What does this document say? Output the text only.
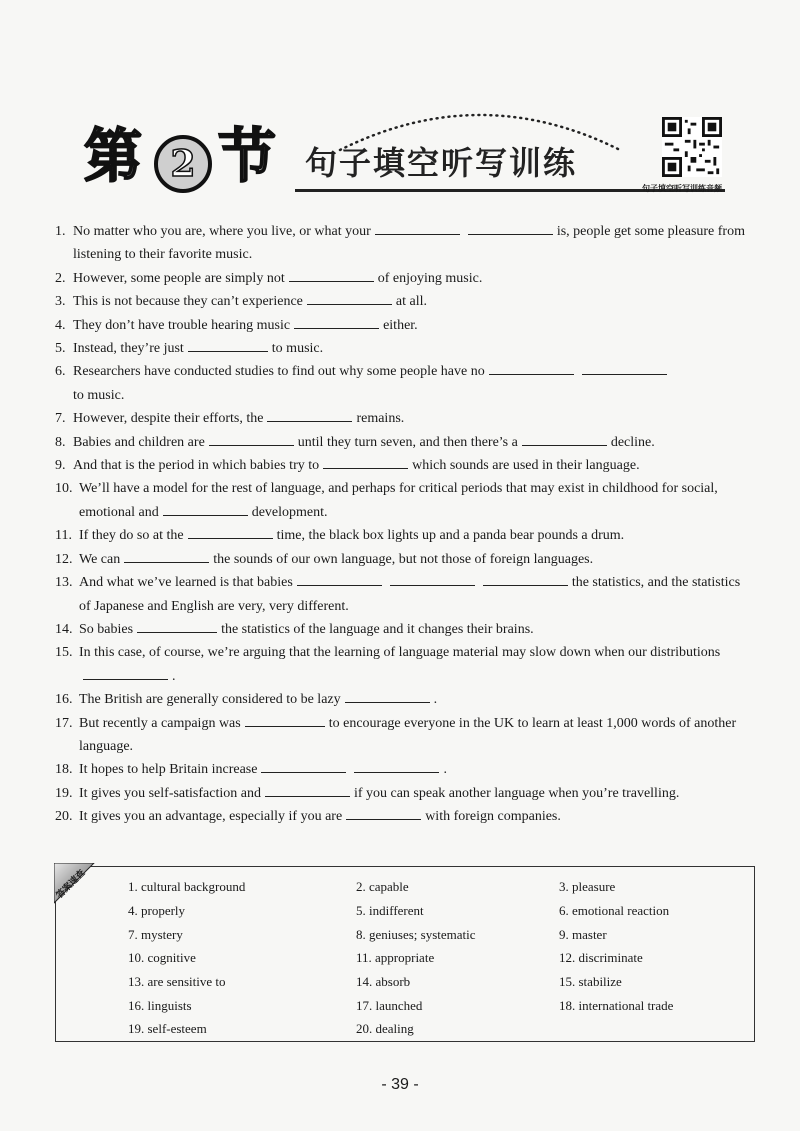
第 2 节 句子填空听写训练
句子填空听写训练音频
1. No matter who you are, where you live, or what your	is, people get some pleasure from listening to their favorite music.
2. However, some people are simply not	of enjoying music.
3. This is not because they can’t experience	at all.
4. They don’t have trouble hearing music	either.
5. Instead, they’re just	to music.
6. Researchers have conducted studies to find out why some people have no
to music.
7. However, despite their efforts, the	remains.
8. Babies and children are	until they turn seven, and then there’s a	decline.
9. And that is the period in which babies try to	which sounds are used in their language.
10. We’ll have a model for the rest of language, and perhaps for critical periods that may exist in childhood for social, emotional and	development.
11. If they do so at the	time, the black box lights up and a panda bear pounds a drum.
12. We can	the sounds of our own language, but not those of foreign languages.
13. And what we’ve learned is that babies	the statistics, and the statistics of Japanese and English are very, very different.
14. So babies	the statistics of the language and it changes their brains.
15. In this case, of course, we’re arguing that the learning of language material may slow down when our distributions.
16. The British are generally considered to be lazy	.
17. But recently a campaign was	to encourage everyone in the UK to learn at least 1,000 words of another language.
18. It hopes to help Britain increase	.
19. It gives you self-satisfaction and	if you can speak another language when you’re travelling.
20. It gives you an advantage, especially if you are	with foreign companies.
答案速查	1. cultural background	2. capable	3. pleasure
4. properly	5. indifferent	6. emotional reaction
7. mystery	8. geniuses; systematic	9. master
10. cognitive	11. appropriate	12. discriminate
13. are sensitive to	14. absorb	15. stabilize
16. linguists	17. launched	18. international trade
19. self-esteem	20. dealing
- 39 -
